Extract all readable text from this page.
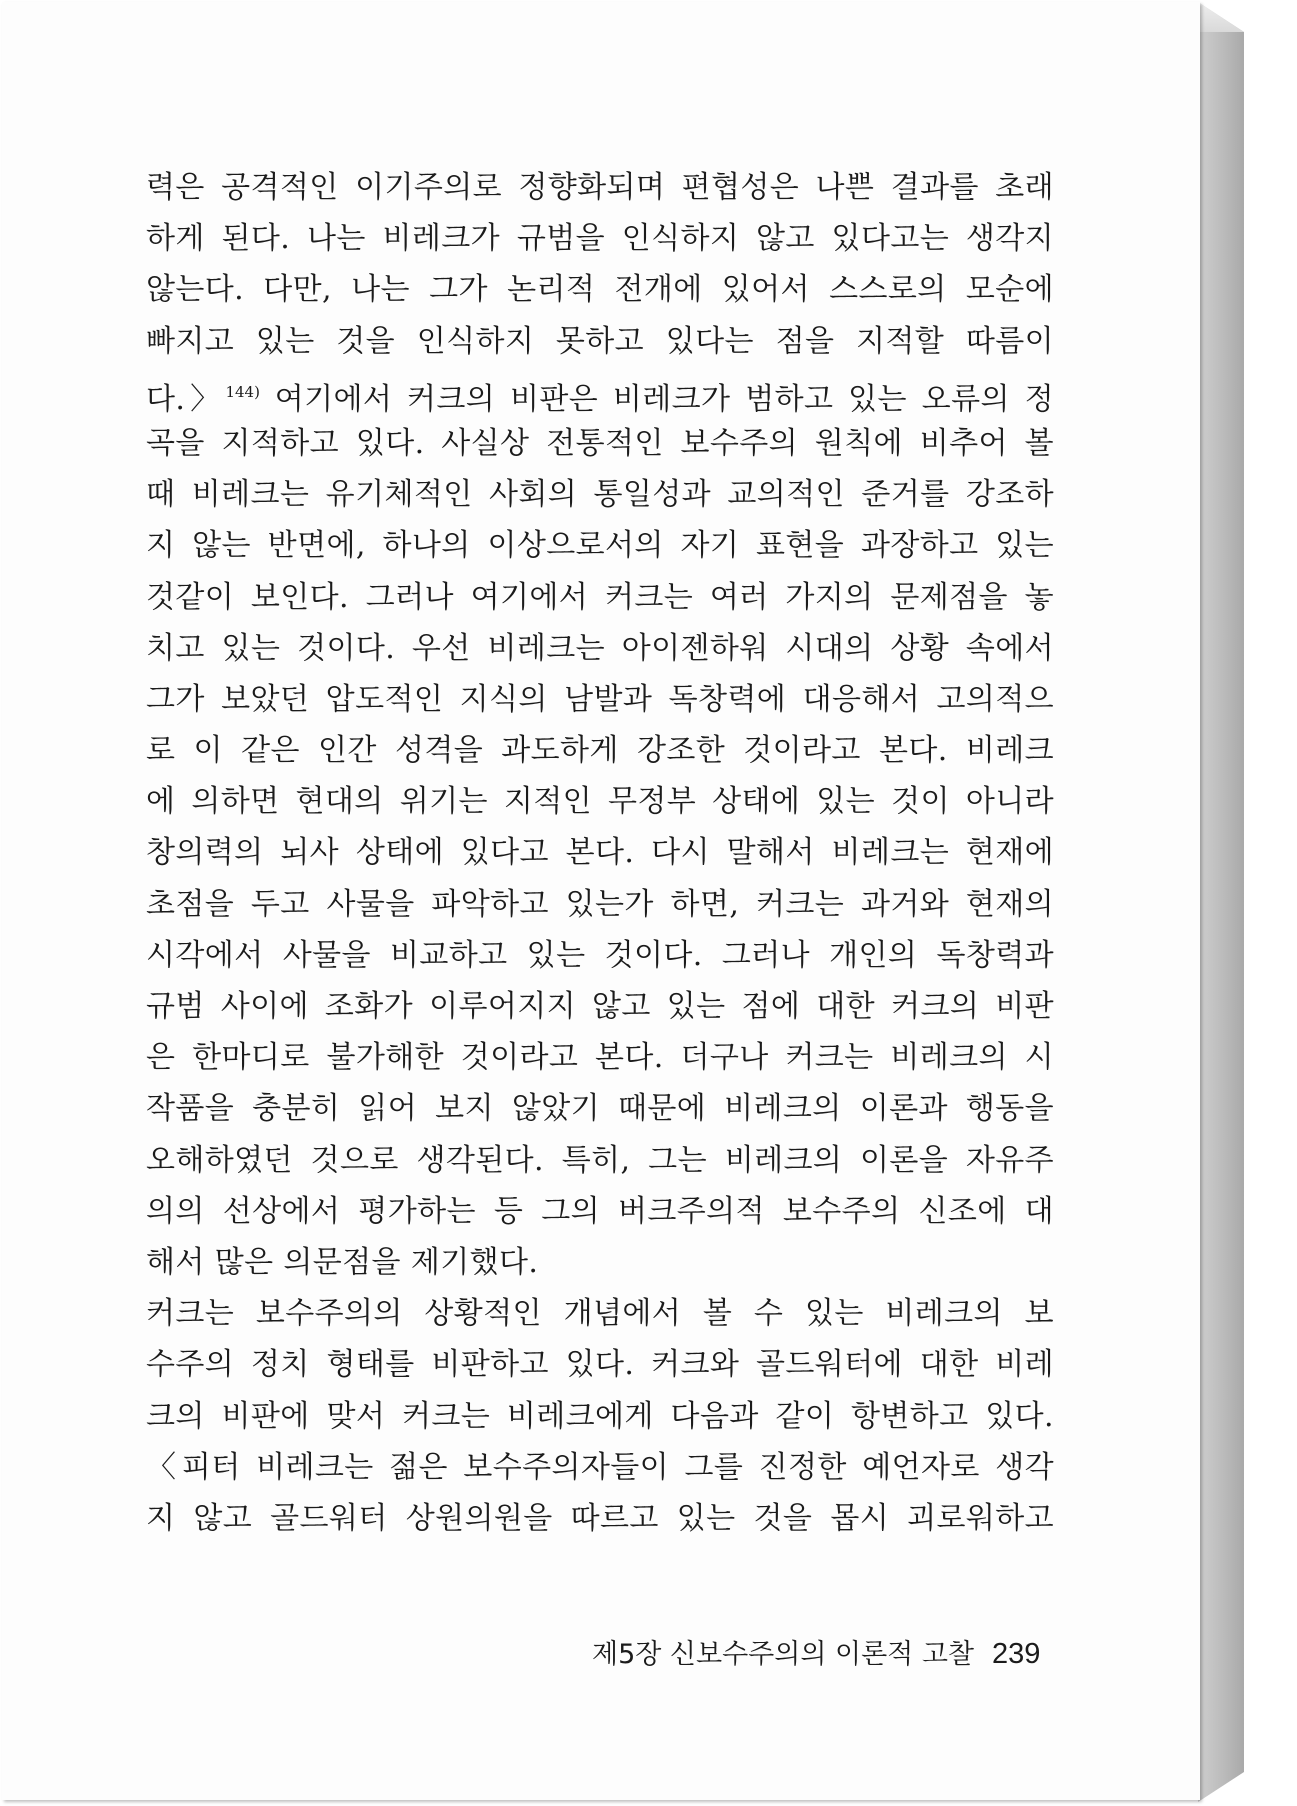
력은 공격적인 이기주의로 정향화되며 편협성은 나쁜 결과를 초래
하게 된다. 나는 비레크가 규범을 인식하지 않고 있다고는 생각지
않는다. 다만, 나는 그가 논리적 전개에 있어서 스스로의 모순에
빠지고 있는 것을 인식하지 못하고 있다는 점을 지적할 따름이
다.〉$^{144)}$ 여기에서 커크의 비판은 비레크가 범하고 있는 오류의 정
곡을 지적하고 있다. 사실상 전통적인 보수주의 원칙에 비추어 볼
때 비레크는 유기체적인 사회의 통일성과 교의적인 준거를 강조하
지 않는 반면에, 하나의 이상으로서의 자기 표현을 과장하고 있는
것같이 보인다. 그러나 여기에서 커크는 여러 가지의 문제점을 놓
치고 있는 것이다. 우선 비레크는 아이젠하워 시대의 상황 속에서
그가 보았던 압도적인 지식의 남발과 독창력에 대응해서 고의적으
로 이 같은 인간 성격을 과도하게 강조한 것이라고 본다. 비레크
에 의하면 현대의 위기는 지적인 무정부 상태에 있는 것이 아니라
창의력의 뇌사 상태에 있다고 본다. 다시 말해서 비레크는 현재에
초점을 두고 사물을 파악하고 있는가 하면, 커크는 과거와 현재의
시각에서 사물을 비교하고 있는 것이다. 그러나 개인의 독창력과
규범 사이에 조화가 이루어지지 않고 있는 점에 대한 커크의 비판
은 한마디로 불가해한 것이라고 본다. 더구나 커크는 비레크의 시
작품을 충분히 읽어 보지 않았기 때문에 비레크의 이론과 행동을
오해하였던 것으로 생각된다. 특히, 그는 비레크의 이론을 자유주
의의 선상에서 평가하는 등 그의 버크주의적 보수주의 신조에 대
해서 많은 의문점을 제기했다.
커크는 보수주의의 상황적인 개념에서 볼 수 있는 비레크의 보
수주의 정치 형태를 비판하고 있다. 커크와 골드워터에 대한 비레
크의 비판에 맞서 커크는 비레크에게 다음과 같이 항변하고 있다.
〈피터 비레크는 젊은 보수주의자들이 그를 진정한 예언자로 생각
지 않고 골드워터 상원의원을 따르고 있는 것을 몹시 괴로워하고
제5장 신보수주의의 이론적 고찰 239
